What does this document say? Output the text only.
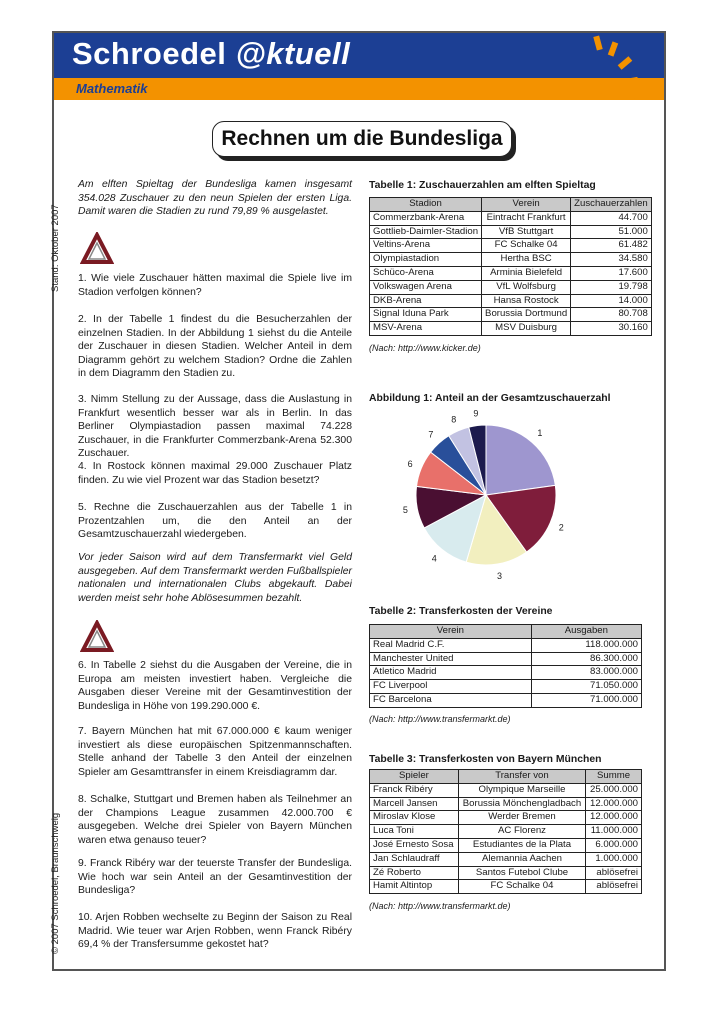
Schroedel @ktuell
Mathematik
Rechnen um die Bundesliga
Stand: Oktober 2007
© 2007 Schroedel, Braunschweig
Am elften Spieltag der Bundesliga kamen insgesamt 354.028 Zuschauer zu den neun Spielen der ersten Liga. Damit waren die Stadien zu rund 79,89 % ausgelastet.
1. Wie viele Zuschauer hätten maximal die Spiele live im Stadion verfolgen können?
2. In der Tabelle 1 findest du die Besucherzahlen der einzelnen Stadien. In der Abbildung 1 siehst du die Anteile der Zuschauer in diesen Stadien. Welcher Anteil in dem Diagramm gehört zu welchem Stadion? Ordne die Zahlen in dem Diagramm den Stadien zu.
3. Nimm Stellung zu der Aussage, dass die Auslastung in Frankfurt wesentlich besser war als in Berlin. In das Berliner Olympiastadion passen maximal 74.228 Zuschauer, in die Frankfurter Commerzbank-Arena 52.300 Zuschauer.
4. In Rostock können maximal 29.000 Zuschauer Platz finden. Zu wie viel Prozent war das Stadion besetzt?
5. Rechne die Zuschauerzahlen aus der Tabelle 1 in Prozentzahlen um, die den Anteil an der Gesamtzuschauerzahl wiedergeben.
Vor jeder Saison wird auf dem Transfermarkt viel Geld ausgegeben. Auf dem Transfermarkt werden Fußballspieler nationalen und internationalen Clubs abgekauft. Dabei werden meist sehr hohe Ablösesummen bezahlt.
6. In Tabelle 2 siehst du die Ausgaben der Vereine, die in Europa am meisten investiert haben. Vergleiche die Ausgaben dieser Vereine mit der Gesamtinvestition der Bundesliga in Höhe von 199.290.000 €.
7. Bayern München hat mit 67.000.000 € kaum weniger investiert als diese europäischen Spitzenmannschaften. Stelle anhand der Tabelle 3 den Anteil der einzelnen Spieler am Gesamttransfer in einem Kreisdiagramm dar.
8. Schalke, Stuttgart und Bremen haben als Teilnehmer an der Champions League zusammen 42.000.700 € ausgegeben. Welche drei Spieler von Bayern München waren etwa genauso teuer?
9. Franck Ribéry war der teuerste Transfer der Bundesliga. Wie hoch war sein Anteil an der Gesamtinvestition der Bundesliga?
10. Arjen Robben wechselte zu Beginn der Saison zu Real Madrid. Wie teuer war Arjen Robben, wenn Franck Ribéry 69,4 % der Transfersumme gekostet hat?
Tabelle 1: Zuschauerzahlen am elften Spieltag
Stadion	Verein	Zuschauerzahlen
Commerzbank-Arena	Eintracht Frankfurt	44.700
Gottlieb-Daimler-Stadion	VfB Stuttgart	51.000
Veltins-Arena	FC Schalke 04	61.482
Olympiastadion	Hertha BSC	34.580
Schüco-Arena	Arminia Bielefeld	17.600
Volkswagen Arena	VfL Wolfsburg	19.798
DKB-Arena	Hansa Rostock	14.000
Signal Iduna Park	Borussia Dortmund	80.708
MSV-Arena	MSV Duisburg	30.160
(Nach: http://www.kicker.de)
Abbildung 1: Anteil an der Gesamtzuschauerzahl
1
2
3
4
5
6
7
8
9
Tabelle 2: Transferkosten der Vereine
Verein	Ausgaben
Real Madrid C.F.	118.000.000
Manchester United	86.300.000
Atletico Madrid	83.000.000
FC Liverpool	71.050.000
FC Barcelona	71.000.000
(Nach: http://www.transfermarkt.de)
Tabelle 3: Transferkosten von Bayern München
Spieler	Transfer von	Summe
Franck Ribéry	Olympique Marseille	25.000.000
Marcell Jansen	Borussia Mönchengladbach	12.000.000
Miroslav Klose	Werder Bremen	12.000.000
Luca Toni	AC Florenz	11.000.000
José Ernesto Sosa	Estudiantes de la Plata	6.000.000
Jan Schlaudraff	Alemannia Aachen	1.000.000
Zé Roberto	Santos Futebol Clube	ablösefrei
Hamit Altintop	FC Schalke 04	ablösefrei
(Nach: http://www.transfermarkt.de)
